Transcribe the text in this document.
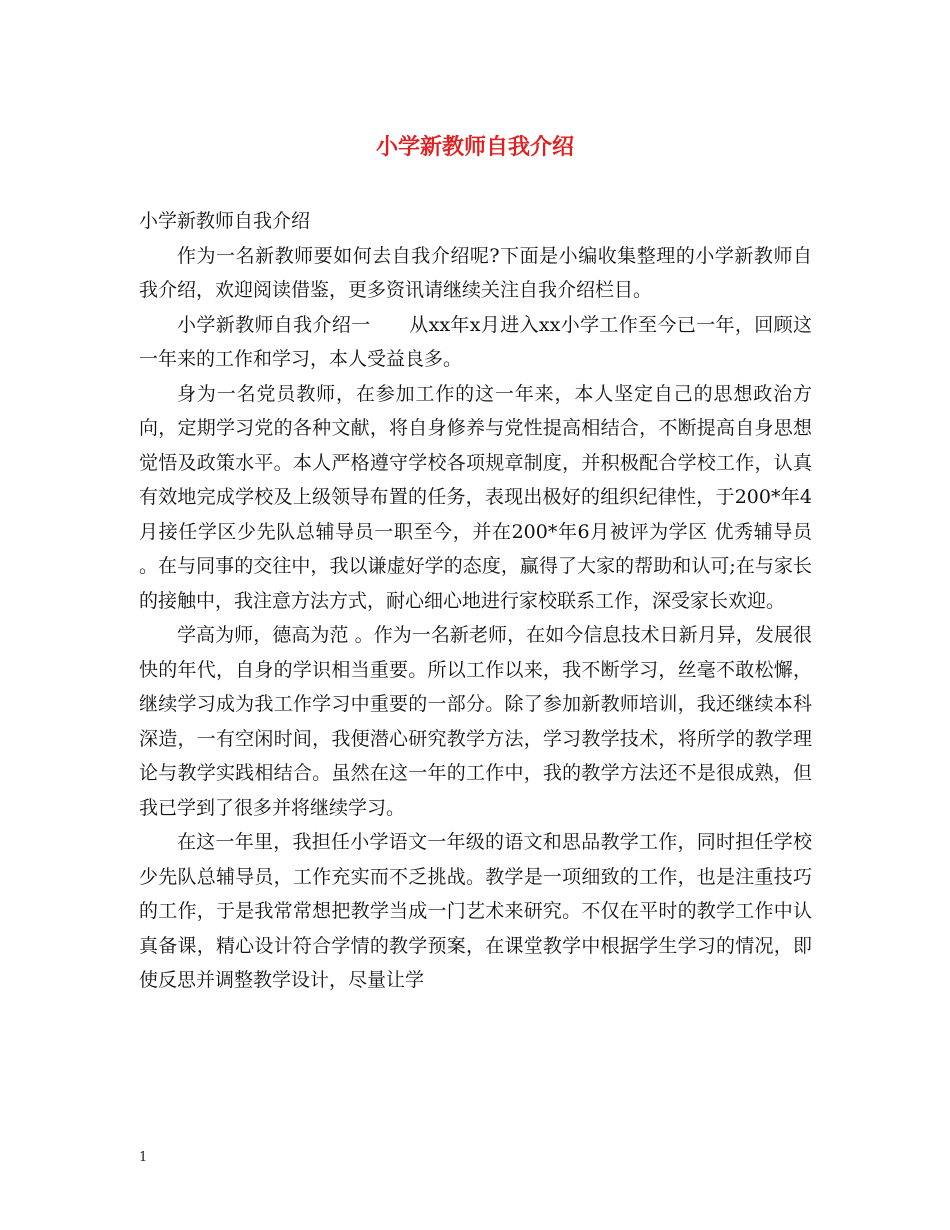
小学新教师自我介绍

小学新教师自我介绍

作为一名新教师要如何去自我介绍呢?下面是小编收集整理的小学新教师自我介绍，欢迎阅读借鉴，更多资讯请继续关注自我介绍栏目。

小学新教师自我介绍一　　从xx年x月进入xx小学工作至今已一年，回顾这一年来的工作和学习，本人受益良多。

身为一名党员教师，在参加工作的这一年来，本人坚定自己的思想政治方向，定期学习党的各种文献，将自身修养与党性提高相结合，不断提高自身思想觉悟及政策水平。本人严格遵守学校各项规章制度，并积极配合学校工作，认真有效地完成学校及上级领导布置的任务，表现出极好的组织纪律性，于200*年4月接任学区少先队总辅导员一职至今，并在200*年6月被评为学区 优秀辅导员 。在与同事的交往中，我以谦虚好学的态度，赢得了大家的帮助和认可;在与家长的接触中，我注意方法方式，耐心细心地进行家校联系工作，深受家长欢迎。

学高为师，德高为范 。作为一名新老师，在如今信息技术日新月异，发展很快的年代，自身的学识相当重要。所以工作以来，我不断学习，丝毫不敢松懈，继续学习成为我工作学习中重要的一部分。除了参加新教师培训，我还继续本科深造，一有空闲时间，我便潜心研究教学方法，学习教学技术，将所学的教学理论与教学实践相结合。虽然在这一年的工作中，我的教学方法还不是很成熟，但我已学到了很多并将继续学习。

在这一年里，我担任小学语文一年级的语文和思品教学工作，同时担任学校少先队总辅导员，工作充实而不乏挑战。教学是一项细致的工作，也是注重技巧的工作，于是我常常想把教学当成一门艺术来研究。不仅在平时的教学工作中认真备课，精心设计符合学情的教学预案，在课堂教学中根据学生学习的情况，即使反思并调整教学设计，尽量让学

1
